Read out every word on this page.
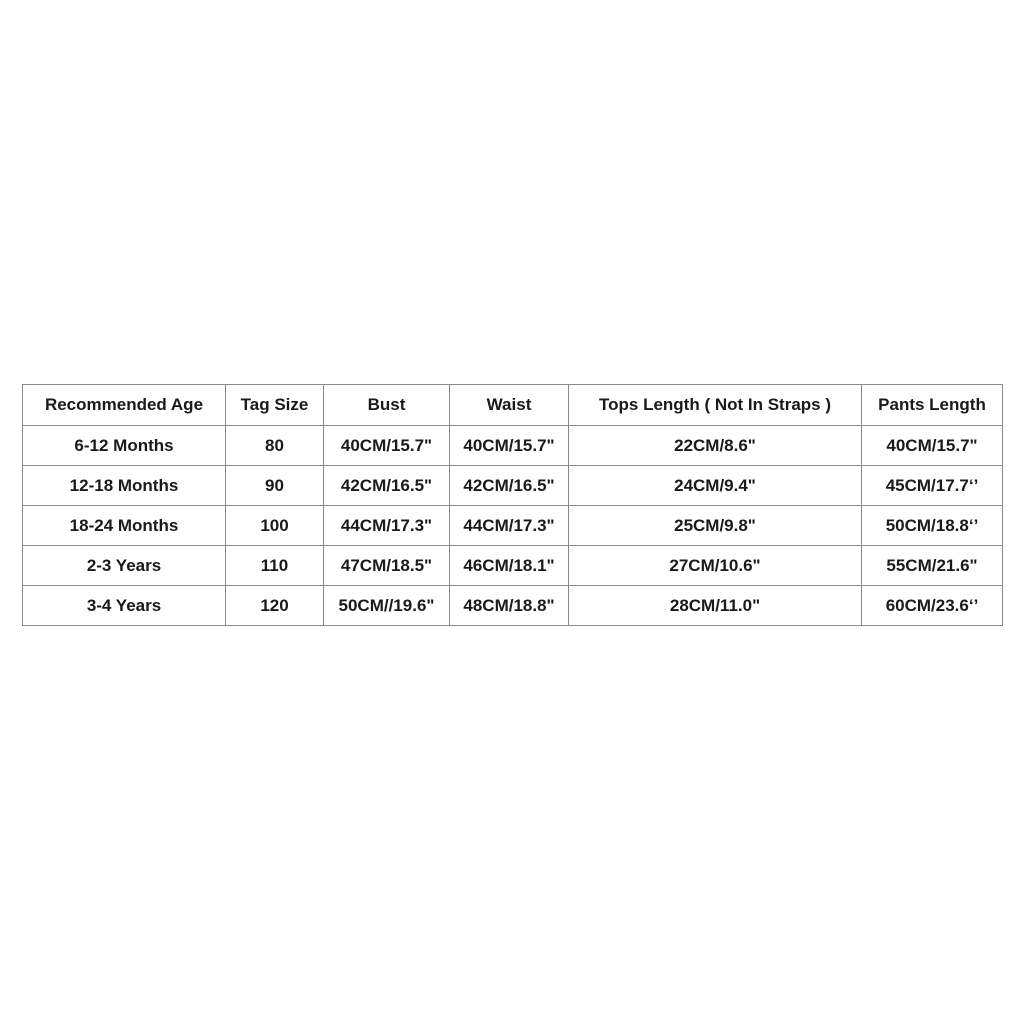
Recommended Age	Tag Size	Bust	Waist	Tops Length ( Not In Straps )	Pants Length
6-12 Months	80	40CM/15.7"	40CM/15.7"	22CM/8.6"	40CM/15.7"
12-18 Months	90	42CM/16.5"	42CM/16.5"	24CM/9.4"	45CM/17.7‘’
18-24 Months	100	44CM/17.3"	44CM/17.3"	25CM/9.8"	50CM/18.8‘’
2-3 Years	110	47CM/18.5"	46CM/18.1"	27CM/10.6"	55CM/21.6"
3-4 Years	120	50CM//19.6"	48CM/18.8"	28CM/11.0"	60CM/23.6‘’
